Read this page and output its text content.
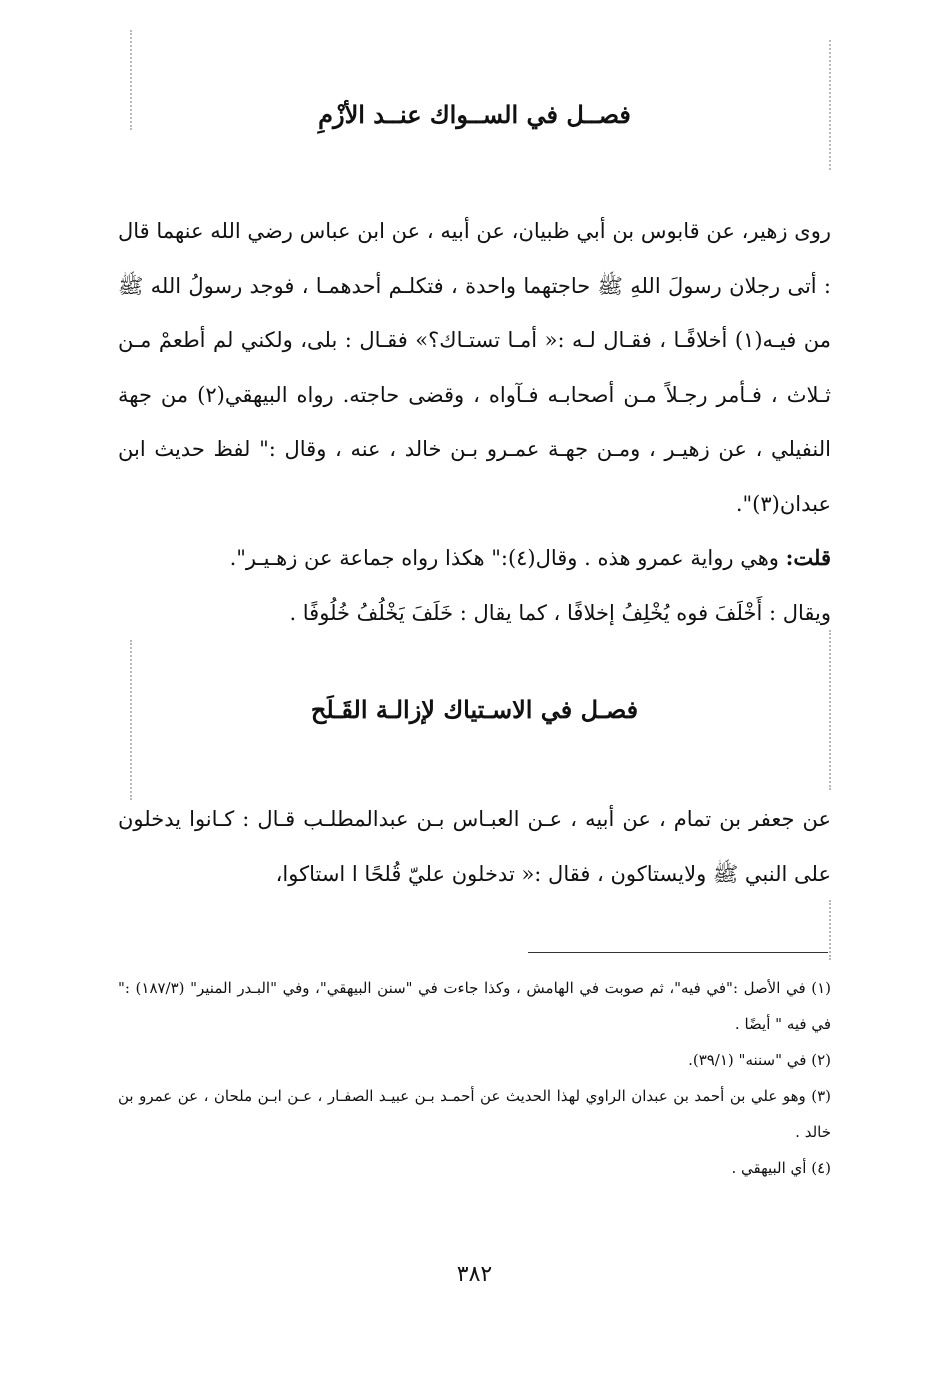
فصــل في الســواك عنــد الأزْمِ

روى زهير، عن قابوس بن أبي ظبيان، عن أبيه ، عن ابن عباس رضي الله عنهما قال : أتى رجلان رسولَ اللهِ ﷺ حاجتهما واحدة ، فتكلـم أحدهمـا ، فوجد رسولُ الله ﷺ من فيـه(١) أخلافًـا ، فقـال لـه :« أمـا تستـاك؟» فقـال : بلى، ولكني لم أطعمْ مـن ثـلاث ، فـأمر رجـلاً مـن أصحابـه فـآواه ، وقضى حاجته. رواه البيهقي(٢) من جهة النفيلي ، عن زهيـر ، ومـن جهـة عمـرو بـن خالد ، عنه ، وقال :" لفظ حديث ابن عبدان(٣)".

قلت: وهي رواية عمرو هذه . وقال(٤):" هكذا رواه جماعة عن زهـيـر".

ويقال : أَخْلَفَ فوه يُخْلِفُ إخلافًا ، كما يقال : خَلَفَ يَخْلُفُ خُلُوفًا .

فصـل في الاسـتياك لإزالـة القَـلَح

عن جعفر بن تمام ، عن أبيه ، عـن العبـاس بـن عبدالمطلـب قـال : كـانوا يدخلون على النبي ﷺ ولايستاكون ، فقال :« تدخلون عليّ قُلحًا ا استاكوا،

(١) في الأصل :"في فيه"، ثم صوبت في الهامش ، وكذا جاءت في "سنن البيهقي"، وفي "البـدر المنير" (١٨٧/٣) :" في فيه " أيضًا .

(٢) في "سننه" (٣٩/١).

(٣) وهو علي بن أحمد بن عبدان الراوي لهذا الحديث عن أحمـد بـن عبيـد الصفـار ، عـن ابـن ملحان ، عن عمرو بن خالد .

(٤) أي البيهقي .

٣٨٢
